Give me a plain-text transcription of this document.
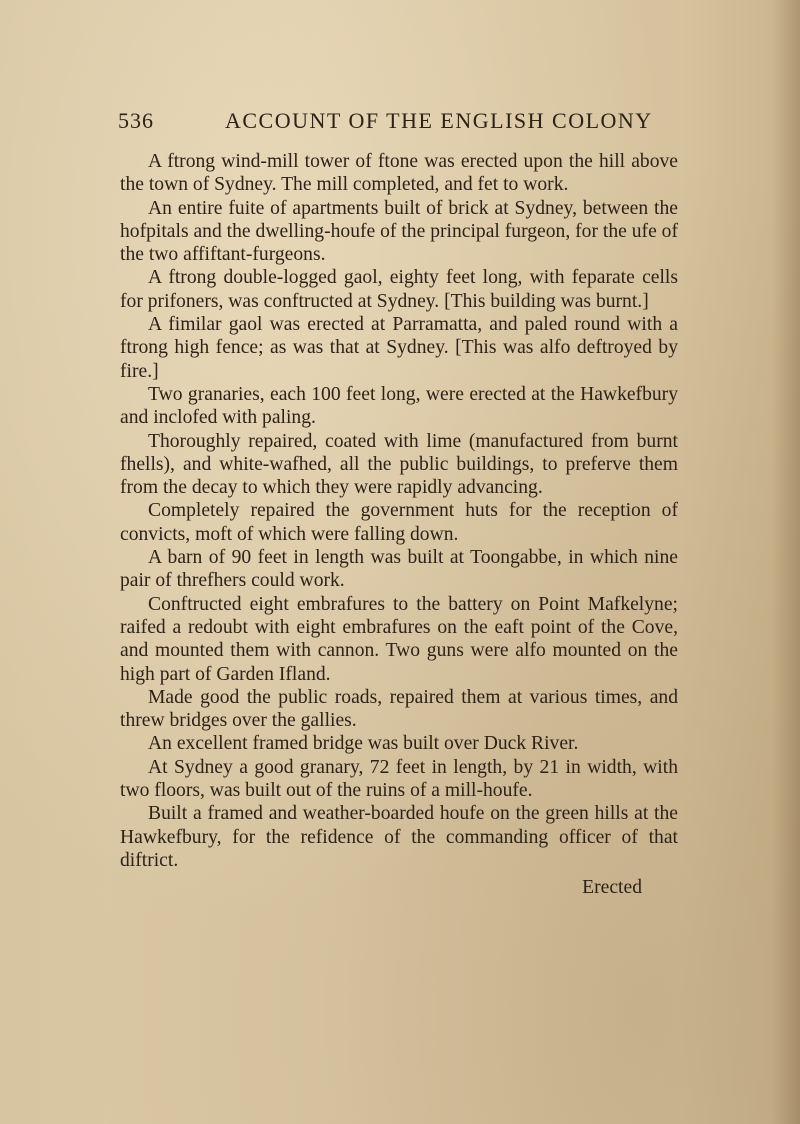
536	ACCOUNT OF THE ENGLISH COLONY

A ftrong wind-mill tower of ftone was erected upon the hill above the town of Sydney. The mill completed, and fet to work.

An entire fuite of apartments built of brick at Sydney, between the hofpitals and the dwelling-houfe of the principal furgeon, for the ufe of the two affiftant-furgeons.

A ftrong double-logged gaol, eighty feet long, with feparate cells for prifoners, was conftructed at Sydney. [This building was burnt.]

A fimilar gaol was erected at Parramatta, and paled round with a ftrong high fence; as was that at Sydney. [This was alfo deftroyed by fire.]

Two granaries, each 100 feet long, were erected at the Hawkefbury and inclofed with paling.

Thoroughly repaired, coated with lime (manufactured from burnt fhells), and white-wafhed, all the public buildings, to preferve them from the decay to which they were rapidly advancing.

Completely repaired the government huts for the reception of convicts, moft of which were falling down.

A barn of 90 feet in length was built at Toongabbe, in which nine pair of threfhers could work.

Conftructed eight embrafures to the battery on Point Mafkelyne; raifed a redoubt with eight embrafures on the eaft point of the Cove, and mounted them with cannon. Two guns were alfo mounted on the high part of Garden Ifland.

Made good the public roads, repaired them at various times, and threw bridges over the gallies.

An excellent framed bridge was built over Duck River.

At Sydney a good granary, 72 feet in length, by 21 in width, with two floors, was built out of the ruins of a mill-houfe.

Built a framed and weather-boarded houfe on the green hills at the Hawkefbury, for the refidence of the commanding officer of that diftrict.

Erected
